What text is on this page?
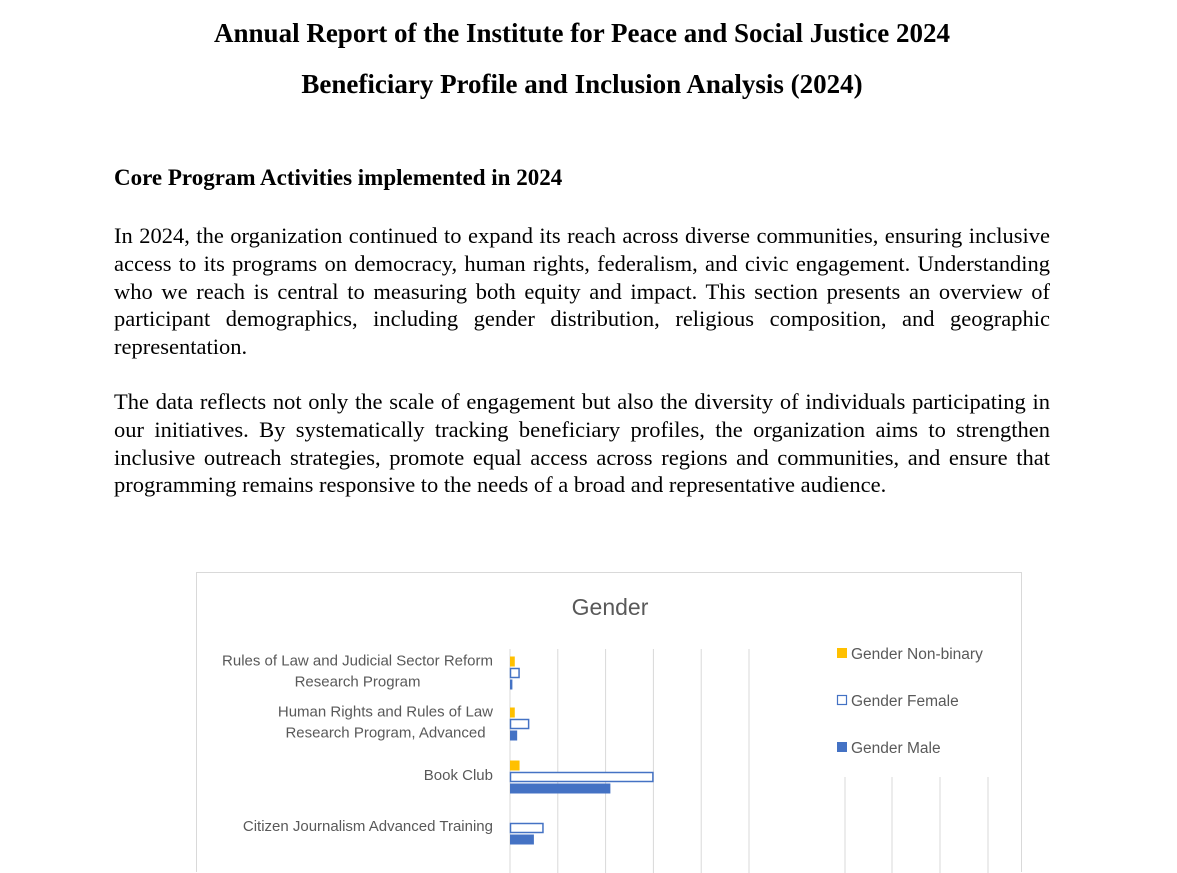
Annual Report of the Institute for Peace and Social Justice 2024
Beneficiary Profile and Inclusion Analysis (2024)
Core Program Activities implemented in 2024

In 2024, the organization continued to expand its reach across diverse communities, ensuring inclusive access to its programs on democracy, human rights, federalism, and civic engagement. Understanding who we reach is central to measuring both equity and impact. This section presents an overview of participant demographics, including gender distribution, religious composition, and geographic representation.

The data reflects not only the scale of engagement but also the diversity of individuals participating in our initiatives. By systematically tracking beneficiary profiles, the organization aims to strengthen inclusive outreach strategies, promote equal access across regions and communities, and ensure that programming remains responsive to the needs of a broad and representative audience.

Gender
Rules of Law and Judicial Sector Reform
Research Program
Human Rights and Rules of Law
Research Program, Advanced
Book Club
Citizen Journalism Advanced Training
Gender Non-binary
Gender Female
Gender Male
